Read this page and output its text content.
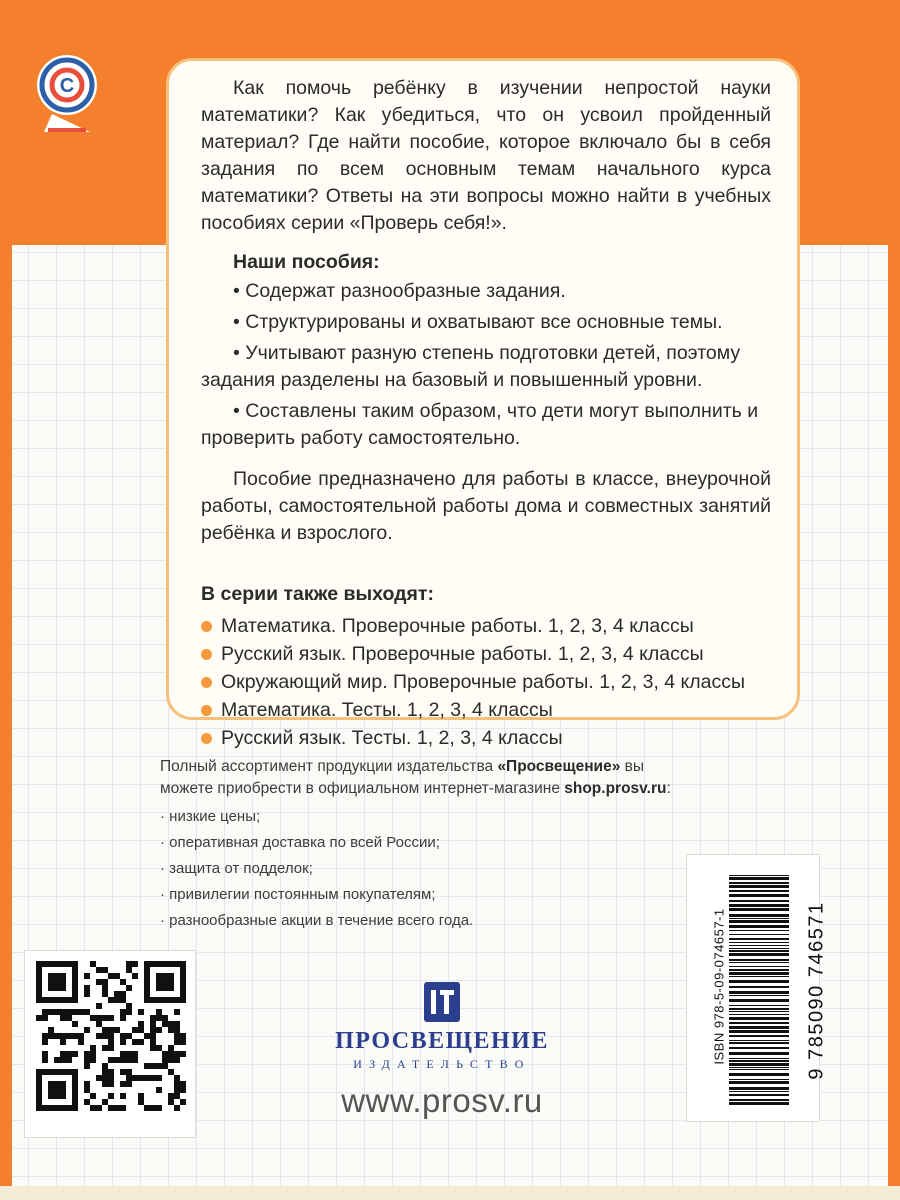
С	Как помочь ребёнку в изучении непростой науки математики? Как убедиться, что он усвоил пройденный материал? Где найти пособие, которое включало бы в себя задания по всем основным темам начального курса математики? Ответы на эти вопросы можно найти в учебных пособиях серии «Проверь себя!».

Наши пособия:

• Содержат разнообразные задания.

• Структурированы и охватывают все основные темы.

• Учитывают разную степень подготовки детей, поэтому задания разделены на базовый и повышенный уровни.

• Составлены таким образом, что дети могут выполнить и проверить работу самостоятельно.

Пособие предназначено для работы в классе, внеурочной работы, самостоятельной работы дома и совместных занятий ребёнка и взрослого.

В серии также выходят:
Математика. Проверочные работы. 1, 2, 3, 4 классы
Русский язык. Проверочные работы. 1, 2, 3, 4 классы
Окружающий мир. Проверочные работы. 1, 2, 3, 4 классы
Математика. Тесты. 1, 2, 3, 4 классы
Русский язык. Тесты. 1, 2, 3, 4 классы

Полный ассортимент продукции издательства «Просвещение» вы можете приобрести в официальном интернет-магазине shop.prosv.ru:

· низкие цены;
· оперативная доставка по всей России;
· защита от подделок;
· привилегии постоянным покупателям;
· разнообразные акции в течение всего года.	ISBN 978-5-09-074657-1	9 785090 746571
ПРОСВЕЩЕНИЕ
ИЗДАТЕЛЬСТВО
www.prosv.ru
